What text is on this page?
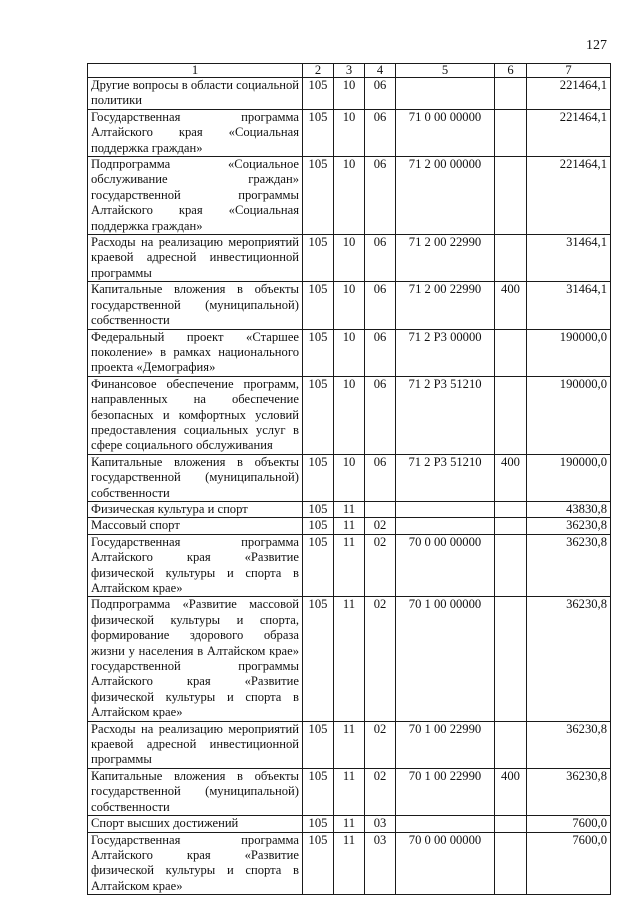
127
1	2	3	4	5	6	7
Другие вопросы в области социальной политики	105	10	06			221464,1
Государственная программа Алтайского края «Социальная поддержка граждан»	105	10	06	71 0 00 00000		221464,1
Подпрограмма «Социальное обслуживание граждан» государственной программы Алтайского края «Социальная поддержка граждан»	105	10	06	71 2 00 00000		221464,1
Расходы на реализацию мероприятий краевой адресной инвестиционной программы	105	10	06	71 2 00 22990		31464,1
Капитальные вложения в объекты государственной (муниципальной) собственности	105	10	06	71 2 00 22990	400	31464,1
Федеральный проект «Старшее поколение» в рамках национального проекта «Демография»	105	10	06	71 2 P3 00000		190000,0
Финансовое обеспечение программ, направленных на обеспечение безопасных и комфортных условий предоставления социальных услуг в сфере социального обслуживания	105	10	06	71 2 P3 51210		190000,0
Капитальные вложения в объекты государственной (муниципальной) собственности	105	10	06	71 2 P3 51210	400	190000,0
Физическая культура и спорт	105	11				43830,8
Массовый спорт	105	11	02			36230,8
Государственная программа Алтайского края «Развитие физической культуры и спорта в Алтайском крае»	105	11	02	70 0 00 00000		36230,8
Подпрограмма «Развитие массовой физической культуры и спорта, формирование здорового образа жизни у населения в Алтайском крае» государственной программы Алтайского края «Развитие физической культуры и спорта в Алтайском крае»	105	11	02	70 1 00 00000		36230,8
Расходы на реализацию мероприятий краевой адресной инвестиционной программы	105	11	02	70 1 00 22990		36230,8
Капитальные вложения в объекты государственной (муниципальной) собственности	105	11	02	70 1 00 22990	400	36230,8
Спорт высших достижений	105	11	03			7600,0
Государственная программа Алтайского края «Развитие физической культуры и спорта в Алтайском крае»	105	11	03	70 0 00 00000		7600,0
